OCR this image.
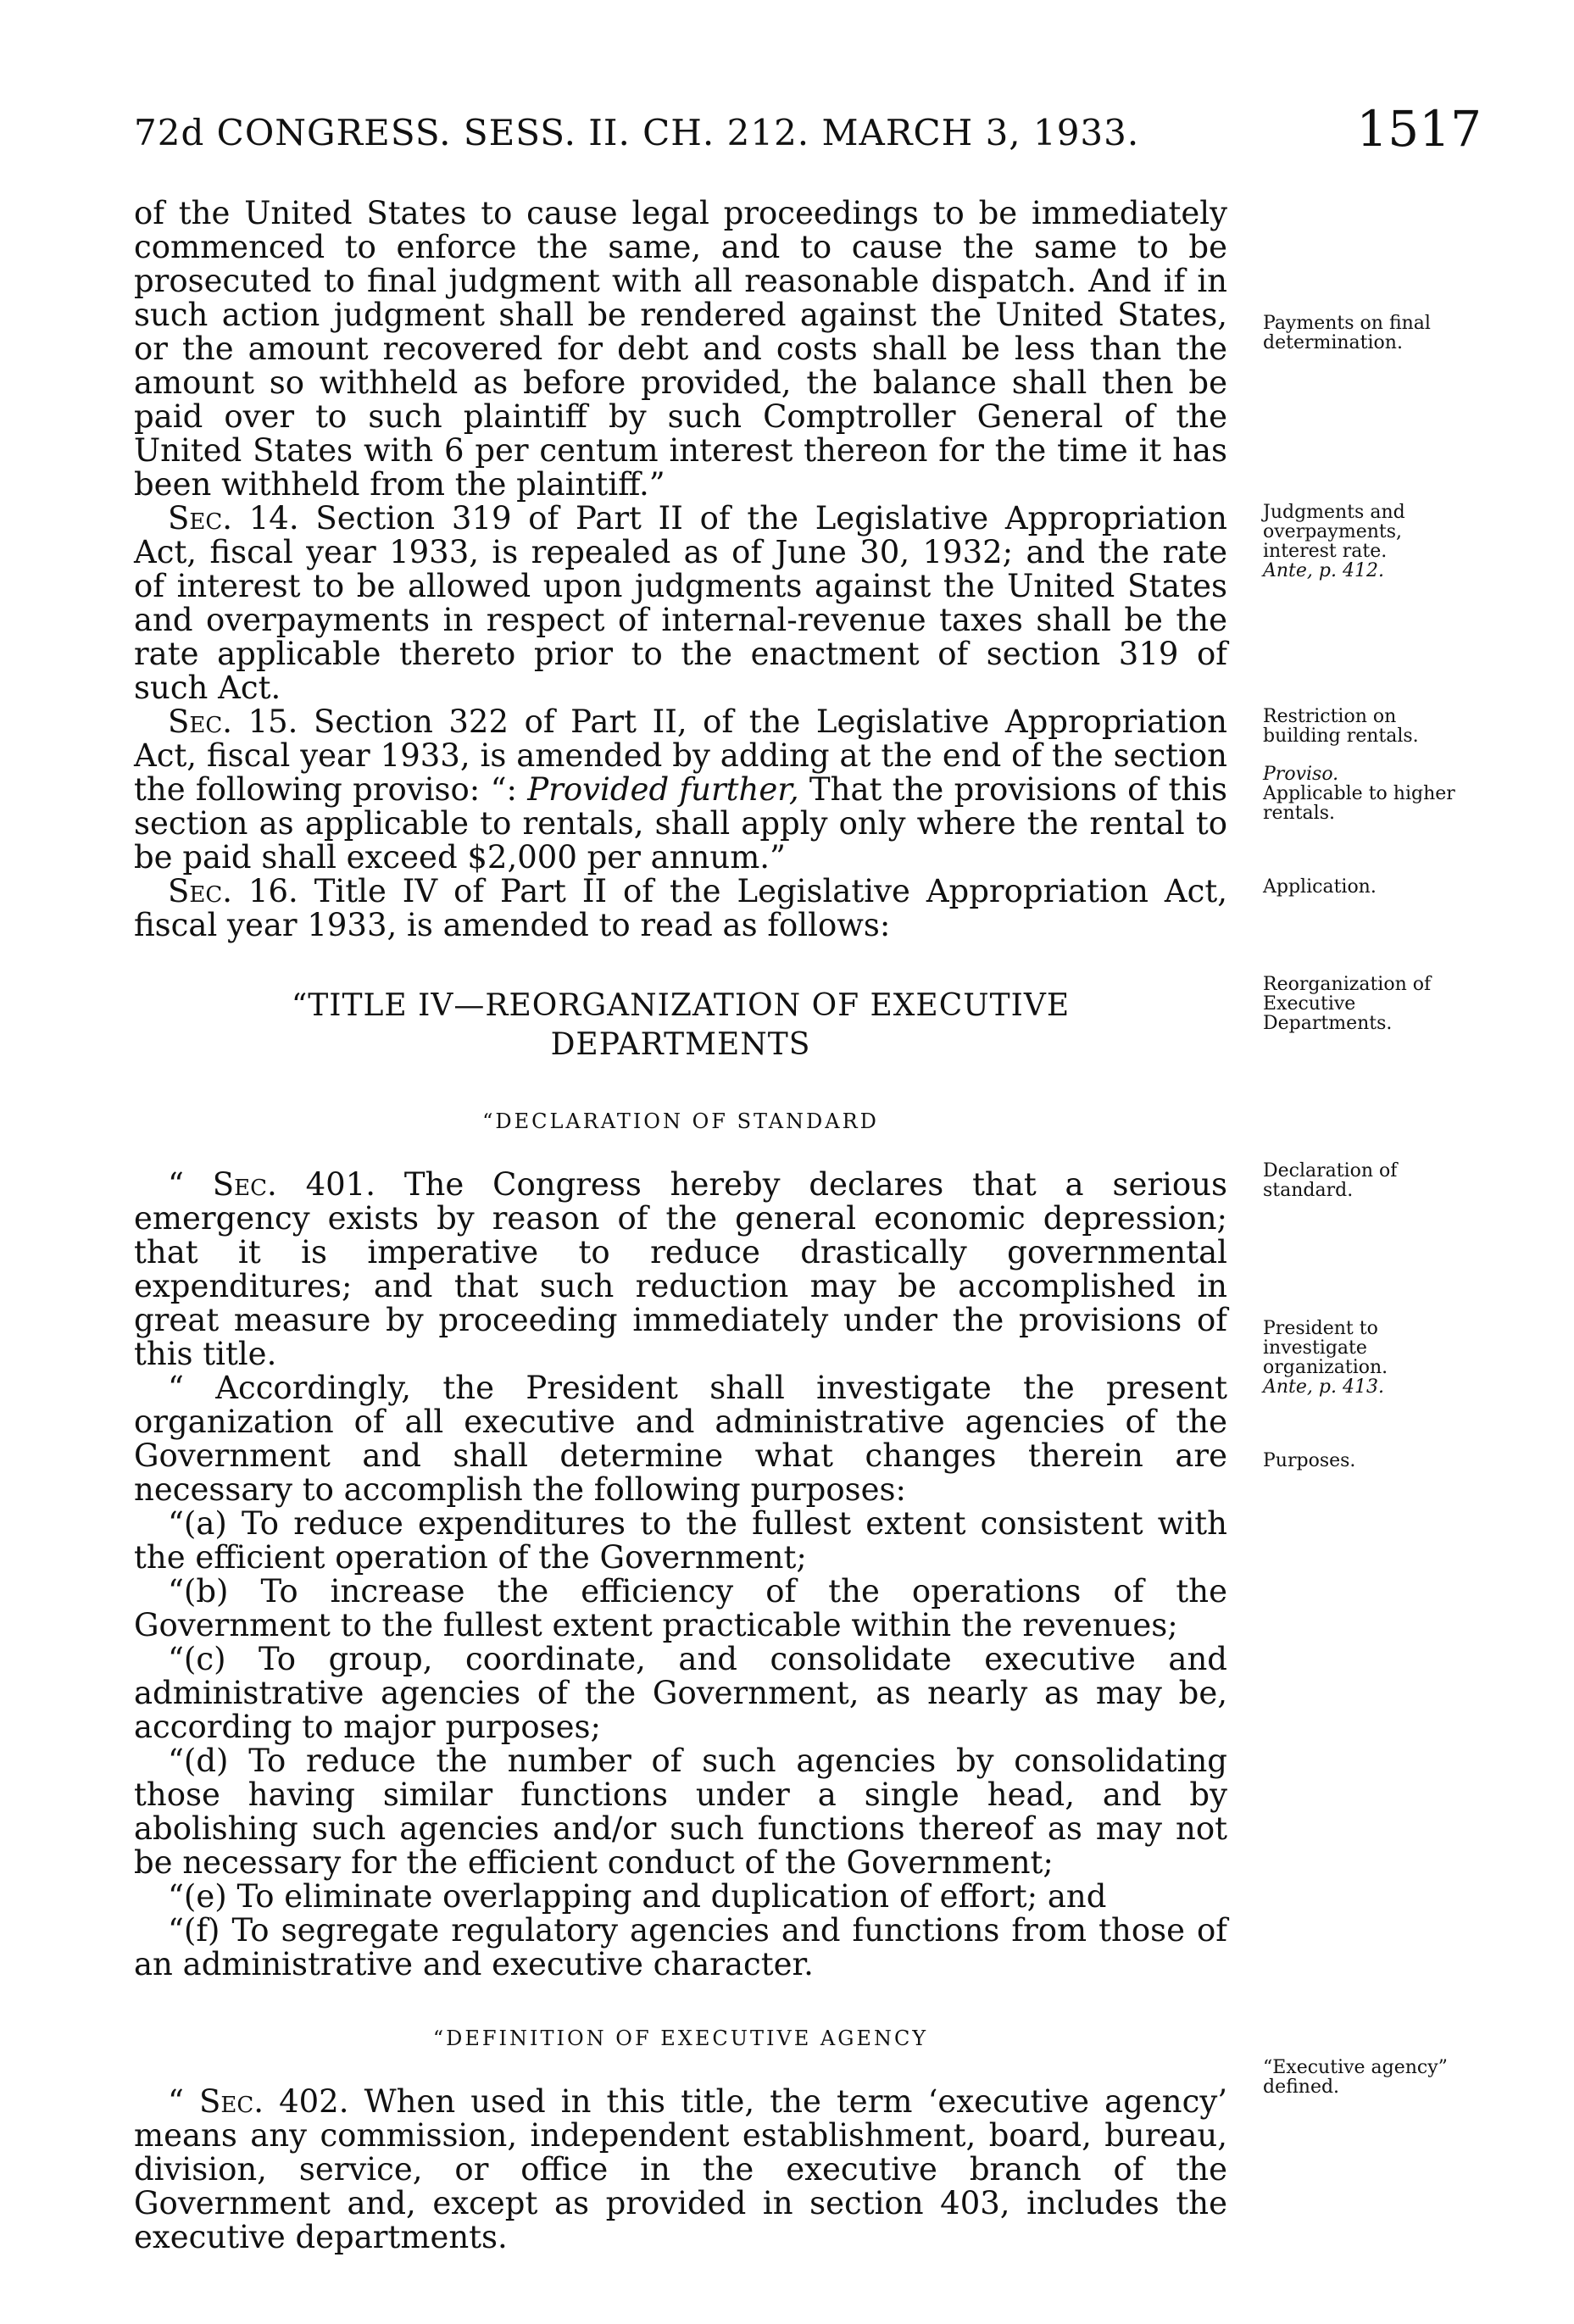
72d CONGRESS. SESS. II. CH. 212. MARCH 3, 1933.	1517

of the United States to cause legal proceedings to be immediately commenced to enforce the same, and to cause the same to be prosecuted to final judgment with all reasonable dispatch. And if in such action judgment shall be rendered against the United States, or the amount recovered for debt and costs shall be less than the amount so withheld as before provided, the balance shall then be paid over to such plaintiff by such Comptroller General of the United States with 6 per centum interest thereon for the time it has been withheld from the plaintiff.”

Sec. 14. Section 319 of Part II of the Legislative Appropriation Act, fiscal year 1933, is repealed as of June 30, 1932; and the rate of interest to be allowed upon judgments against the United States and overpayments in respect of internal-revenue taxes shall be the rate applicable thereto prior to the enactment of section 319 of such Act.

Sec. 15. Section 322 of Part II, of the Legislative Appropriation Act, fiscal year 1933, is amended by adding at the end of the section the following proviso: “: Provided further, That the provisions of this section as applicable to rentals, shall apply only where the rental to be paid shall exceed $2,000 per annum.”

Sec. 16. Title IV of Part II of the Legislative Appropriation Act, fiscal year 1933, is amended to read as follows:

“TITLE IV—REORGANIZATION OF EXECUTIVE
DEPARTMENTS
“DECLARATION OF STANDARD

“ Sec. 401. The Congress hereby declares that a serious emergency exists by reason of the general economic depression; that it is imperative to reduce drastically governmental expenditures; and that such reduction may be accomplished in great measure by proceeding immediately under the provisions of this title.

“ Accordingly, the President shall investigate the present organization of all executive and administrative agencies of the Government and shall determine what changes therein are necessary to accomplish the following purposes:

“(a) To reduce expenditures to the fullest extent consistent with the efficient operation of the Government;

“(b) To increase the efficiency of the operations of the Government to the fullest extent practicable within the revenues;

“(c) To group, coordinate, and consolidate executive and administrative agencies of the Government, as nearly as may be, according to major purposes;

“(d) To reduce the number of such agencies by consolidating those having similar functions under a single head, and by abolishing such agencies and/or such functions thereof as may not be necessary for the efficient conduct of the Government;

“(e) To eliminate overlapping and duplication of effort; and

“(f) To segregate regulatory agencies and functions from those of an administrative and executive character.

“DEFINITION OF EXECUTIVE AGENCY

“ Sec. 402. When used in this title, the term ‘executive agency’ means any commission, independent establishment, board, bureau, division, service, or office in the executive branch of the Government and, except as provided in section 403, includes the executive departments.

Payments on final determination.
Judgments and overpayments, interest rate.
Ante, p. 412.
Restriction on building rentals.
Proviso.
Applicable to higher rentals.
Application.
Reorganization of Executive Departments.
Declaration of standard.
President to investigate organization.
Ante, p. 413.
Purposes.
“Executive agency” defined.
